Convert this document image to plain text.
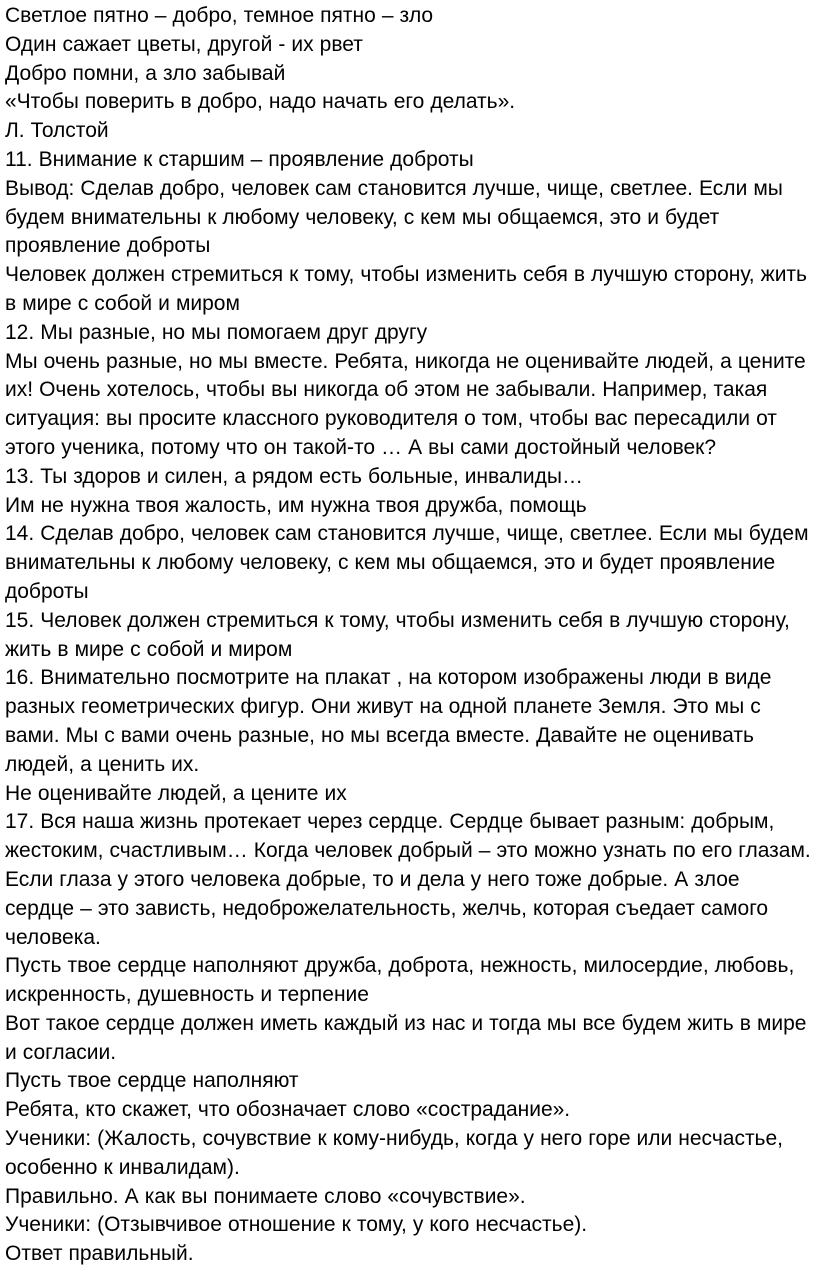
Светлое пятно – добро, темное пятно – зло

Один сажает цветы, другой - их рвет

Добро помни, а зло забывай

«Чтобы поверить в добро, надо начать его делать».

Л. Толстой

11. Внимание к старшим – проявление доброты

Вывод: Сделав добро, человек сам становится лучше, чище, светлее. Если мы будем внимательны к любому человеку, с кем мы общаемся, это и будет проявление доброты

Человек должен стремиться к тому, чтобы изменить себя в лучшую сторону, жить в мире с собой и миром

12. Мы разные, но мы помогаем друг другу

Мы очень разные, но мы вместе. Ребята, никогда не оценивайте людей, а цените их! Очень хотелось, чтобы вы никогда об этом не забывали. Например, такая ситуация: вы просите классного руководителя о том, чтобы вас пересадили от этого ученика, потому что он такой-то … А вы сами достойный человек?

13. Ты здоров и силен, а рядом есть больные, инвалиды…

Им не нужна твоя жалость, им нужна твоя дружба, помощь

14. Сделав добро, человек сам становится лучше, чище, светлее. Если мы будем внимательны к любому человеку, с кем мы общаемся, это и будет проявление доброты

15. Человек должен стремиться к тому, чтобы изменить себя в лучшую сторону, жить в мире с собой и миром

16. Внимательно посмотрите на плакат , на котором изображены люди в виде разных геометрических фигур. Они живут на одной планете Земля. Это мы с вами. Мы с вами очень разные, но мы всегда вместе. Давайте не оценивать людей, а ценить их.

Не оценивайте людей, а цените их

17. Вся наша жизнь протекает через сердце. Сердце бывает разным: добрым, жестоким, счастливым… Когда человек добрый – это можно узнать по его глазам. Если глаза у этого человека добрые, то и дела у него тоже добрые. А злое сердце – это зависть, недоброжелательность, желчь, которая съедает самого человека.

Пусть твое сердце наполняют дружба, доброта, нежность, милосердие, любовь, искренность, душевность и терпение

Вот такое сердце должен иметь каждый из нас и тогда мы все будем жить в мире и согласии.

Пусть твое сердце наполняют

Ребята, кто скажет, что обозначает слово «сострадание».

Ученики: (Жалость, сочувствие к кому-нибудь, когда у него горе или несчастье, особенно к инвалидам).

Правильно. А как вы понимаете слово «сочувствие».

Ученики: (Отзывчивое отношение к тому, у кого несчастье).

Ответ правильный.
